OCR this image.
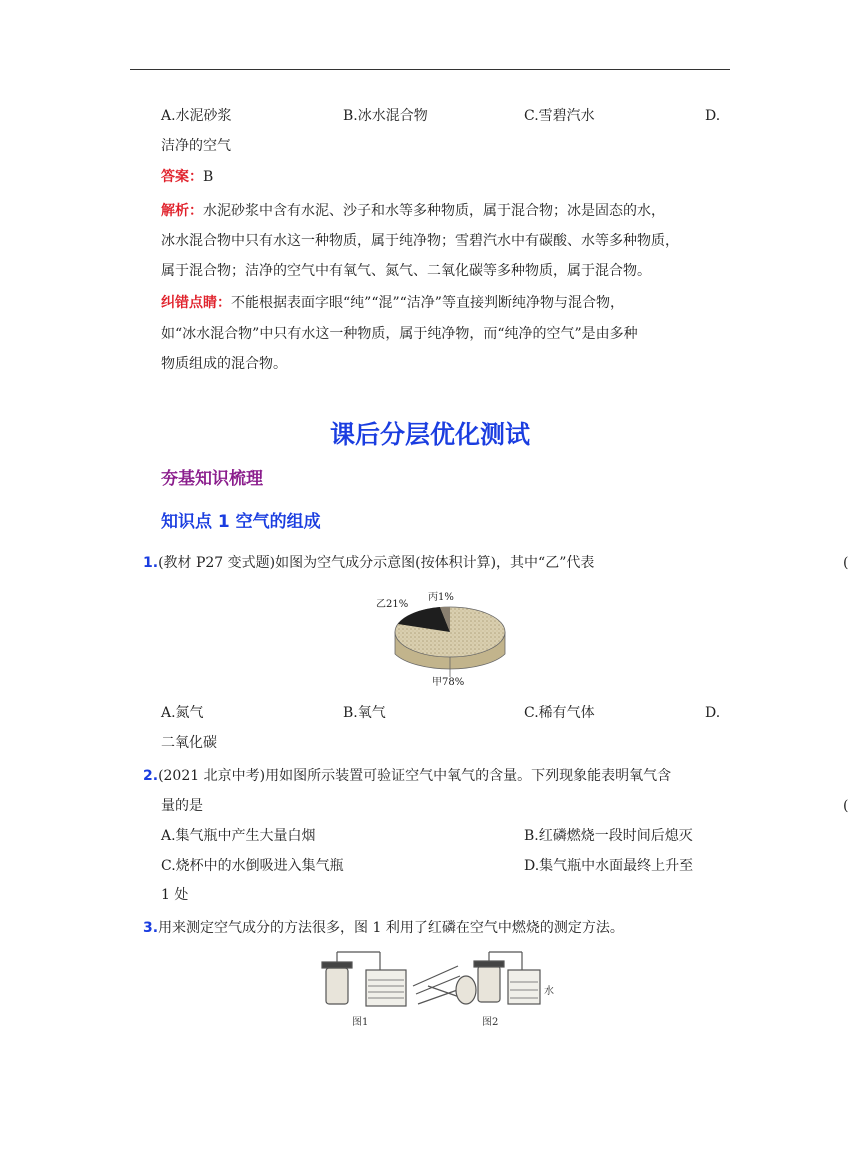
A.水泥砂浆	B.冰水混合物	C.雪碧汽水	D.
洁净的空气
答案：B
解析：水泥砂浆中含有水泥、沙子和水等多种物质，属于混合物；冰是固态的水，
冰水混合物中只有水这一种物质，属于纯净物；雪碧汽水中有碳酸、水等多种物质，
属于混合物；洁净的空气中有氧气、氮气、二氧化碳等多种物质，属于混合物。
纠错点睛：不能根据表面字眼“纯”“混”“洁净”等直接判断纯净物与混合物，
如“冰水混合物”中只有水这一种物质，属于纯净物，而“纯净的空气”是由多种
物质组成的混合物。
课后分层优化测试
夯基知识梳理
知识点 1 空气的组成
1.(教材 P27 变式题)如图为空气成分示意图(按体积计算)，其中“乙”代表	(
乙21%
丙1%
甲78%
A.氮气	B.氧气	C.稀有气体	D.
二氧化碳
2.(2021 北京中考)用如图所示装置可验证空气中氧气的含量。下列现象能表明氧气含
量的是	(
A.集气瓶中产生大量白烟	B.红磷燃烧一段时间后熄灭
C.烧杯中的水倒吸进入集气瓶	D.集气瓶中水面最终上升至
1 处
3.用来测定空气成分的方法很多，图 1 利用了红磷在空气中燃烧的测定方法。
图1	图2
水
